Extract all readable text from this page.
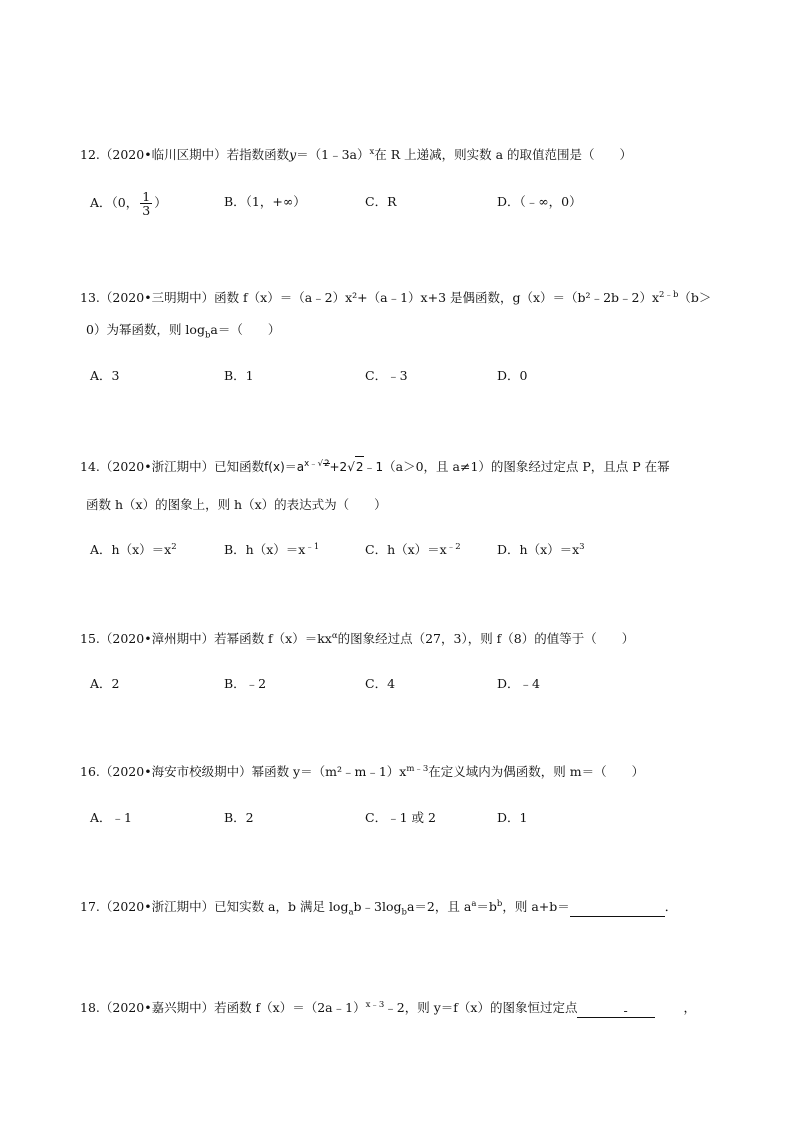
12.（2020•临川区期中）若指数函数y＝（1﹣3a）$^x$在 R 上递减，则实数 a 的取值范围是（　　）
A．（0， $\frac{1}{3}$ ）	B．（1，+∞）	C．R	D．（﹣∞，0）
13.（2020•三明期中）函数 f（x）＝（a﹣2）x²+（a﹣1）x+3 是偶函数，$g(x)=(b^2﹣2b﹣2)x^{2﹣b}(b>$
0）为幂函数，则 $\log_ba=$（　　）
A．3	B．1	C．﹣3	D．0
14.（2020•浙江期中）已知函数$f(x)=a^{x﹣√2}+2√2﹣1(a>0$，且 a≠1）的图象经过定点 P，且点 P 在幂
函数 h（x）的图象上，则 h（x）的表达式为（　　）
A．$h(x)=x^2$	B．$h(x)=x^{﹣1}$	C．$h(x)=x^{﹣2}$	D．$h(x)=x^3$
15.（2020•漳州期中）若幂函数 $f(x)=kx^\alpha$的图象经过点（27，3），则 f（8）的值等于（　　）
A．2	B．﹣2	C．4	D．﹣4
16.（2020•海安市校级期中）幂函数 $y=(m^2﹣m﹣1)x^{m﹣3}$在定义域内为偶函数，则 m＝（　　）
A．﹣1	B．2	C．﹣1 或 2	D．1
17.（2020•浙江期中）已知实数 a，b 满足 $\log_ab﹣3\log_ba=2$，且 $a^a=b^b$，则 a+b＝	．
18.（2020•嘉兴期中）若函数 f（x）＝（2a﹣1）$^{x﹣3}$﹣2，则 y＝f（x）的图象恒过定点	-	，
